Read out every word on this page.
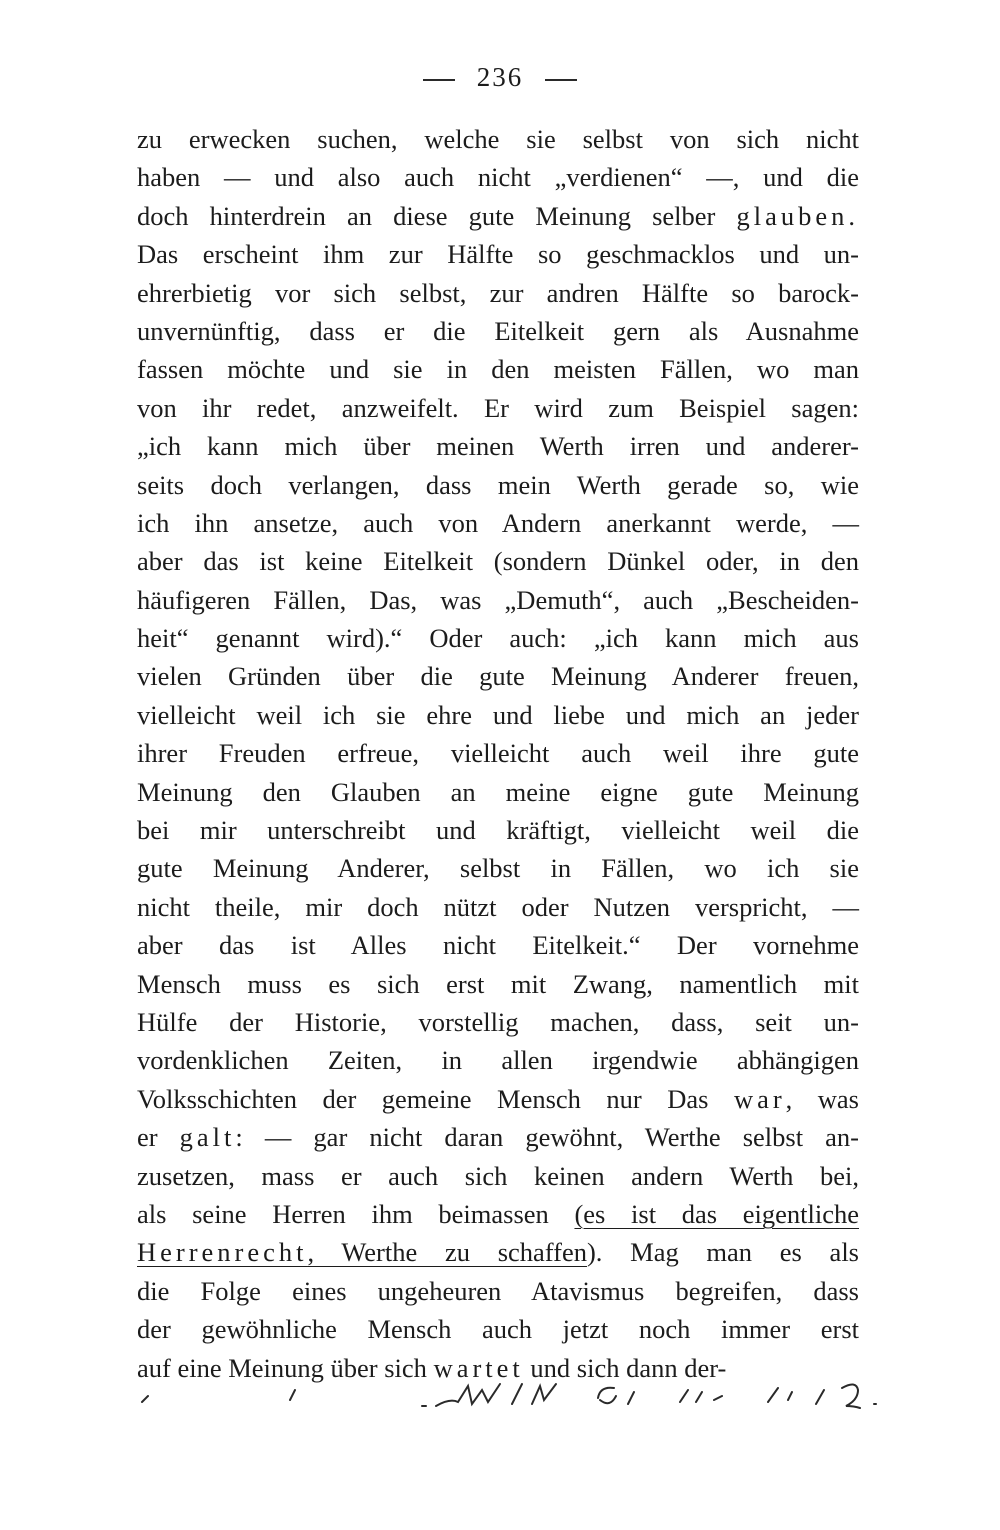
236
zu erwecken suchen, welche sie selbst von sich nicht
haben — und also auch nicht „verdienen“ —, und die
doch hinterdrein an diese gute Meinung selber glauben.
Das erscheint ihm zur Hälfte so geschmacklos und un-
ehrerbietig vor sich selbst, zur andren Hälfte so barock-
unvernünftig, dass er die Eitelkeit gern als Ausnahme
fassen möchte und sie in den meisten Fällen, wo man
von ihr redet, anzweifelt. Er wird zum Beispiel sagen:
„ich kann mich über meinen Werth irren und anderer-
seits doch verlangen, dass mein Werth gerade so, wie
ich ihn ansetze, auch von Andern anerkannt werde, —
aber das ist keine Eitelkeit (sondern Dünkel oder, in den
häufigeren Fällen, Das, was „Demuth“, auch „Bescheiden-
heit“ genannt wird).“ Oder auch: „ich kann mich aus
vielen Gründen über die gute Meinung Anderer freuen,
vielleicht weil ich sie ehre und liebe und mich an jeder
ihrer Freuden erfreue, vielleicht auch weil ihre gute
Meinung den Glauben an meine eigne gute Meinung
bei mir unterschreibt und kräftigt, vielleicht weil die
gute Meinung Anderer, selbst in Fällen, wo ich sie
nicht theile, mir doch nützt oder Nutzen verspricht, —
aber das ist Alles nicht Eitelkeit.“ Der vornehme
Mensch muss es sich erst mit Zwang, namentlich mit
Hülfe der Historie, vorstellig machen, dass, seit un-
vordenklichen Zeiten, in allen irgendwie abhängigen
Volksschichten der gemeine Mensch nur Das war, was
er galt: — gar nicht daran gewöhnt, Werthe selbst an-
zusetzen, mass er auch sich keinen andern Werth bei,
als seine Herren ihm beimassen (es ist das eigentliche
Herrenrecht, Werthe zu schaffen). Mag man es als
die Folge eines ungeheuren Atavismus begreifen, dass
der gewöhnliche Mensch auch jetzt noch immer erst
auf eine Meinung über sich wartet und sich dann der-
